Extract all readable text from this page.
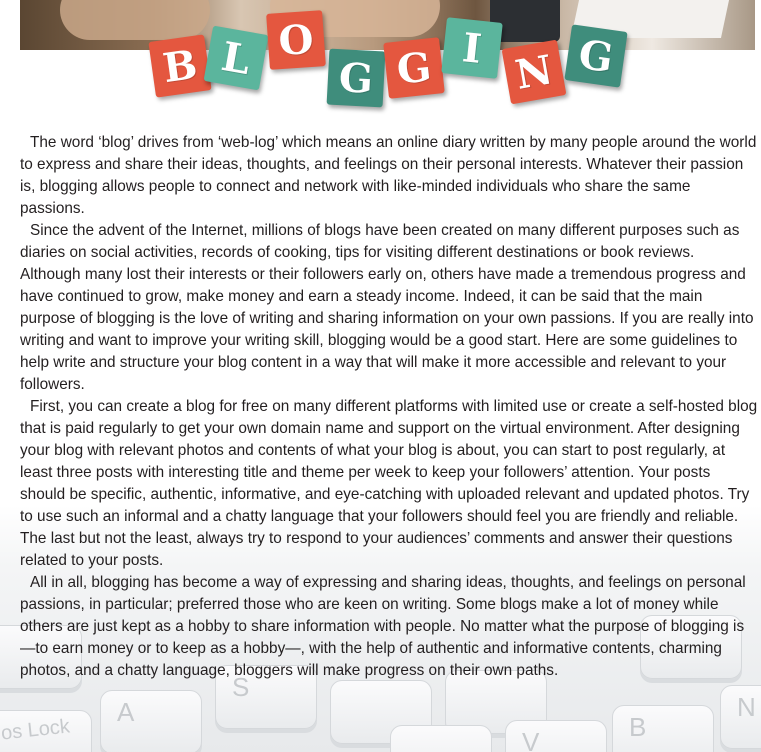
A
S
V	B
N
os Lock
B L O
G G I N G

The word ‘blog’ drives from ‘web-log’ which means an online diary written by many people around the world to express and share their ideas, thoughts, and feelings on their personal interests. Whatever their passion is, blogging allows people to connect and network with like-minded individuals who share the same passions.

Since the advent of the Internet, millions of blogs have been created on many different purposes such as diaries on social activities, records of cooking, tips for visiting different destinations or book reviews. Although many lost their interests or their followers early on, others have made a tremendous progress and have continued to grow, make money and earn a steady income. Indeed, it can be said that the main purpose of blogging is the love of writing and sharing information on your own passions. If you are really into writing and want to improve your writing skill, blogging would be a good start. Here are some guidelines to help write and structure your blog content in a way that will make it more accessible and relevant to your followers.

First, you can create a blog for free on many different platforms with limited use or create a self-hosted blog that is paid regularly to get your own domain name and support on the virtual environment. After designing your blog with relevant photos and contents of what your blog is about, you can start to post regularly, at least three posts with interesting title and theme per week to keep your followers’ attention. Your posts should be specific, authentic, informative, and eye-catching with uploaded relevant and updated photos. Try to use such an informal and a chatty language that your followers should feel you are friendly and reliable. The last but not the least, always try to respond to your audiences’ comments and answer their questions related to your posts.

All in all, blogging has become a way of expressing and sharing ideas, thoughts, and feelings on personal passions, in particular; preferred those who are keen on writing. Some blogs make a lot of money while others are just kept as a hobby to share information with people. No matter what the purpose of blogging is—to earn money or to keep as a hobby—, with the help of authentic and informative contents, charming photos, and a chatty language, bloggers will make progress on their own paths.
